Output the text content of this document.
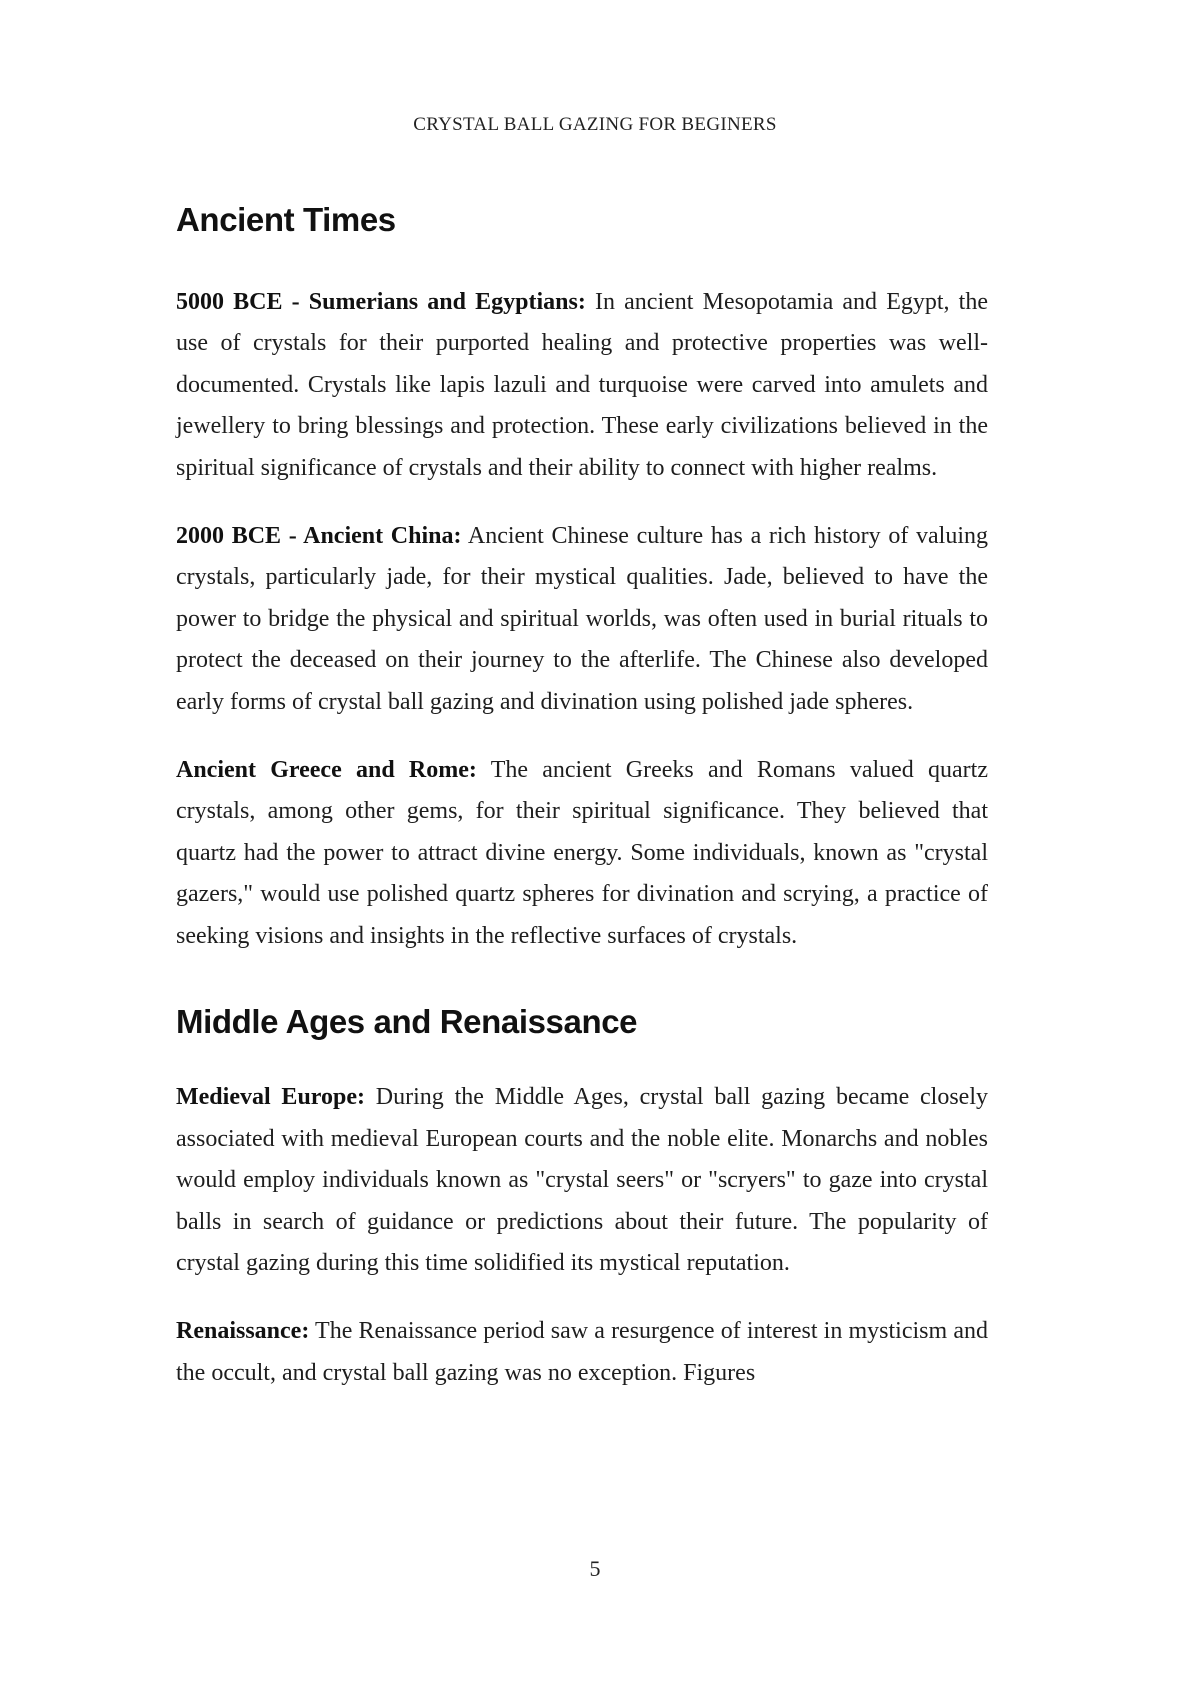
CRYSTAL BALL GAZING FOR BEGINERS
Ancient Times

5000 BCE - Sumerians and Egyptians: In ancient Mesopotamia and Egypt, the use of crystals for their purported healing and protective properties was well-documented. Crystals like lapis lazuli and turquoise were carved into amulets and jewellery to bring blessings and protection. These early civilizations believed in the spiritual significance of crystals and their ability to connect with higher realms.

2000 BCE - Ancient China: Ancient Chinese culture has a rich history of valuing crystals, particularly jade, for their mystical qualities. Jade, believed to have the power to bridge the physical and spiritual worlds, was often used in burial rituals to protect the deceased on their journey to the afterlife. The Chinese also developed early forms of crystal ball gazing and divination using polished jade spheres.

Ancient Greece and Rome: The ancient Greeks and Romans valued quartz crystals, among other gems, for their spiritual significance. They believed that quartz had the power to attract divine energy. Some individuals, known as "crystal gazers," would use polished quartz spheres for divination and scrying, a practice of seeking visions and insights in the reflective surfaces of crystals.

Middle Ages and Renaissance

Medieval Europe: During the Middle Ages, crystal ball gazing became closely associated with medieval European courts and the noble elite. Monarchs and nobles would employ individuals known as "crystal seers" or "scryers" to gaze into crystal balls in search of guidance or predictions about their future. The popularity of crystal gazing during this time solidified its mystical reputation.

Renaissance: The Renaissance period saw a resurgence of interest in mysticism and the occult, and crystal ball gazing was no exception. Figures

5
